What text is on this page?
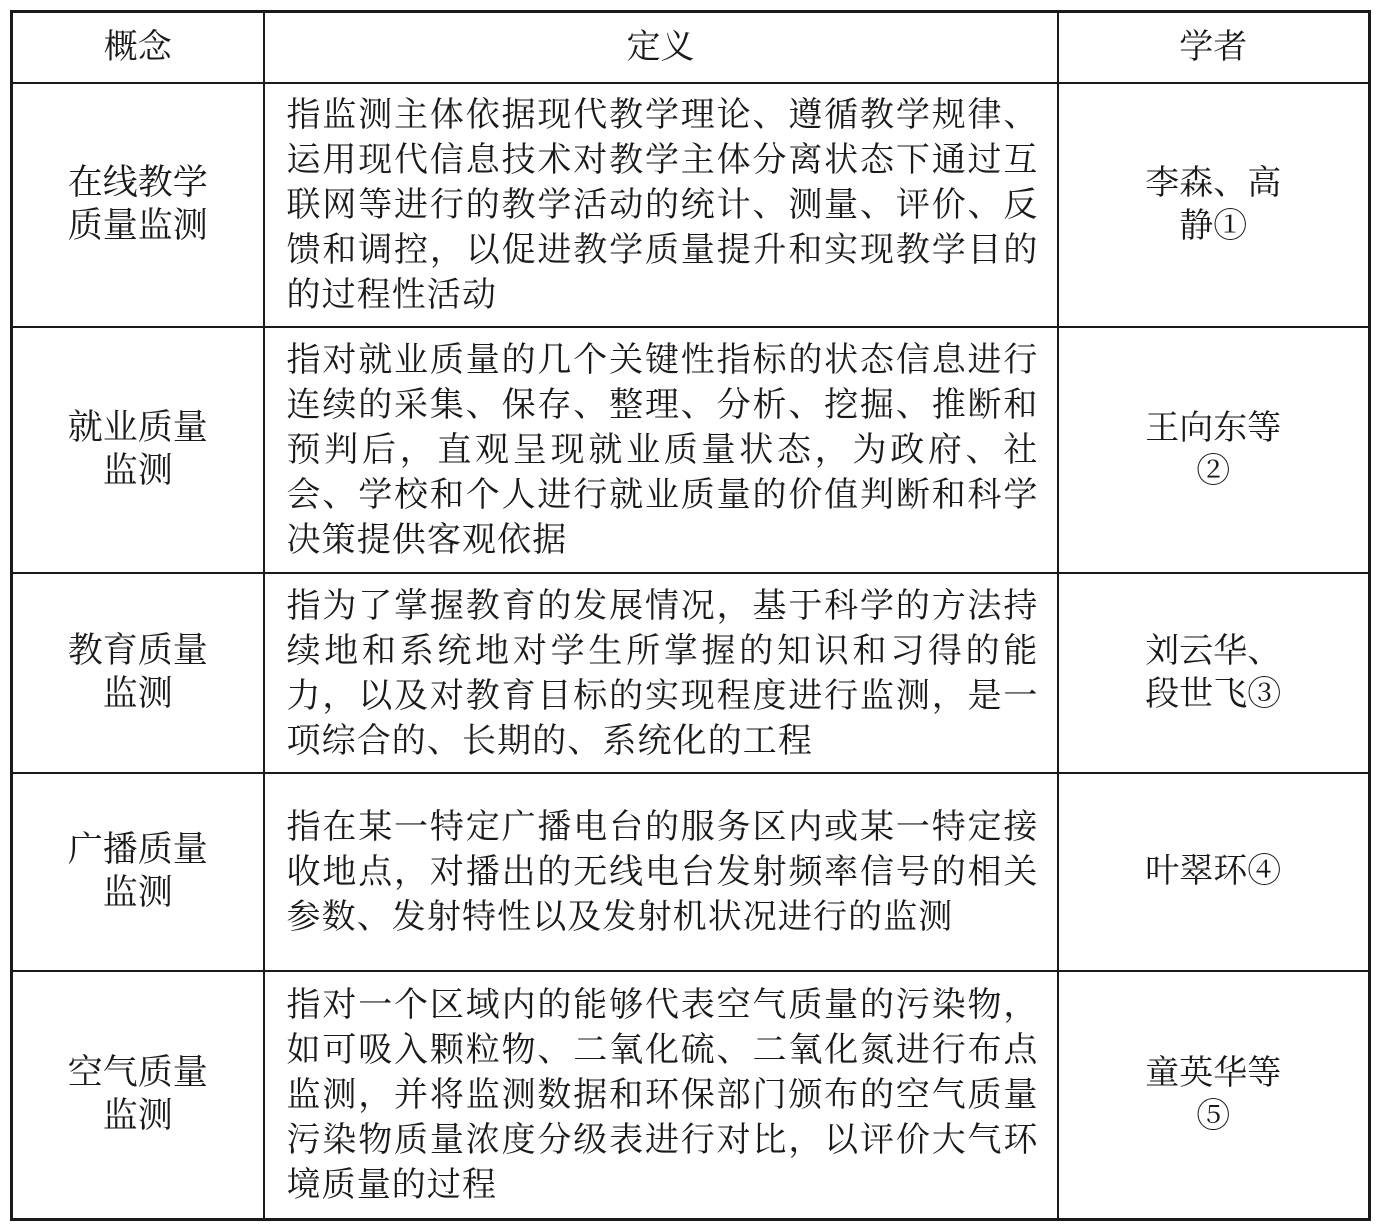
概念	定义	学者
在线教学质量监测	指监测主体依据现代教学理论、遵循教学规律、运用现代信息技术对教学主体分离状态下通过互联网等进行的教学活动的统计、测量、评价、反馈和调控，以促进教学质量提升和实现教学目的的过程性活动	李森、高静①
就业质量监测	指对就业质量的几个关键性指标的状态信息进行连续的采集、保存、整理、分析、挖掘、推断和预判后，直观呈现就业质量状态，为政府、社会、学校和个人进行就业质量的价值判断和科学决策提供客观依据	王向东等②
教育质量监测	指为了掌握教育的发展情况，基于科学的方法持续地和系统地对学生所掌握的知识和习得的能力，以及对教育目标的实现程度进行监测，是一项综合的、长期的、系统化的工程	刘云华、段世飞③
广播质量监测	指在某一特定广播电台的服务区内或某一特定接收地点，对播出的无线电台发射频率信号的相关参数、发射特性以及发射机状况进行的监测	叶翠环④
空气质量监测	指对一个区域内的能够代表空气质量的污染物，如可吸入颗粒物、二氧化硫、二氧化氮进行布点监测，并将监测数据和环保部门颁布的空气质量污染物质量浓度分级表进行对比，以评价大气环境质量的过程	童英华等⑤
